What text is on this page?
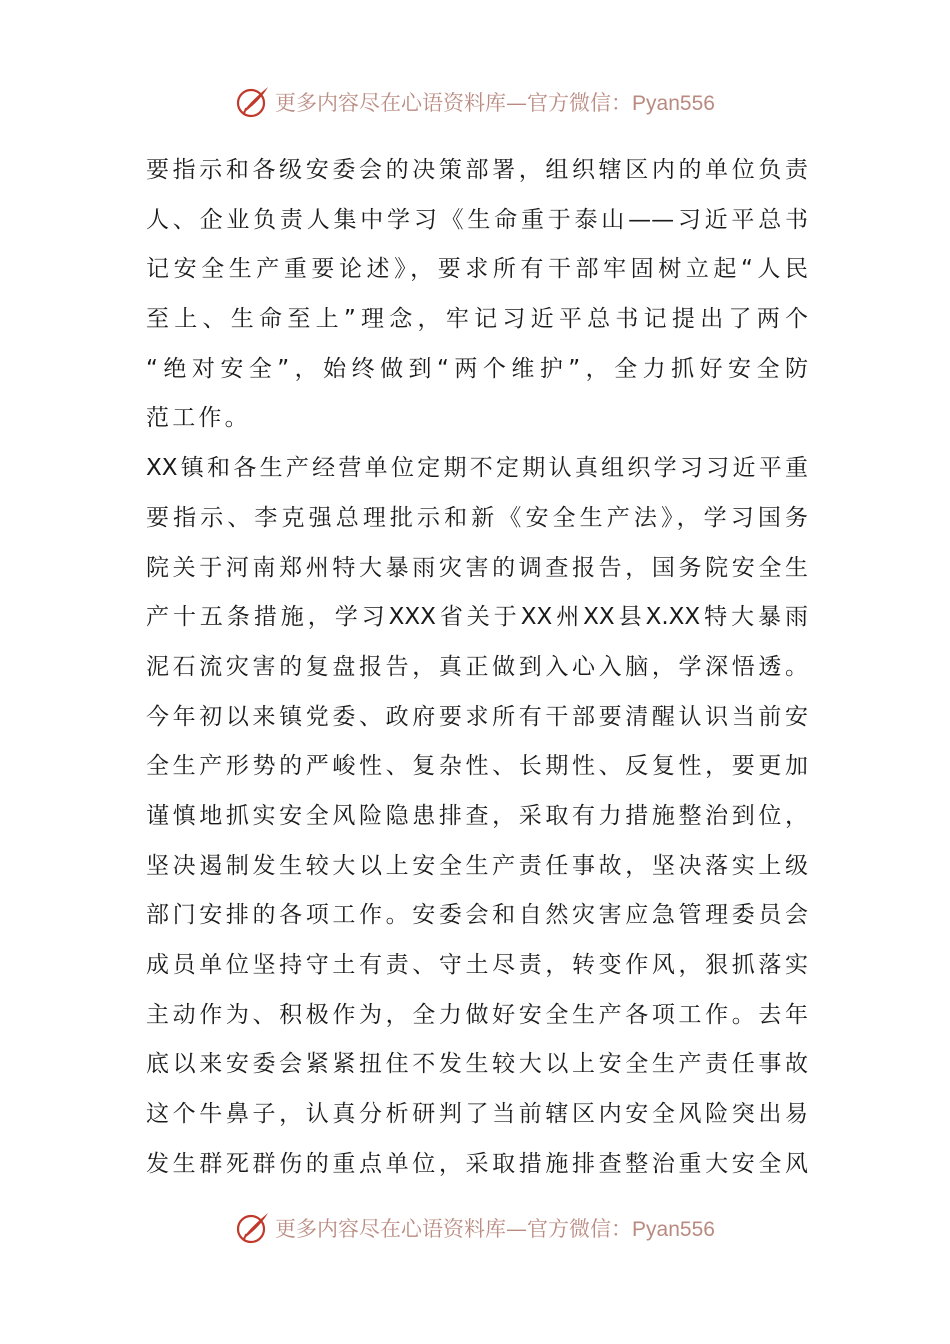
更多内容尽在心语资料库—官方微信：Pyan556
要指示和各级安委会的决策部署，组织辖区内的单位负责
人、企业负责人集中学习《生命重于泰山——习近平总书
记安全生产重要论述》，要求所有干部牢固树立起“人民
至上、生命至上”理念，牢记习近平总书记提出了两个
“绝对安全”，始终做到“两个维护”，全力抓好安全防
范工作。
XX镇和各生产经营单位定期不定期认真组织学习习近平重
要指示、李克强总理批示和新《安全生产法》，学习国务
院关于河南郑州特大暴雨灾害的调查报告，国务院安全生
产十五条措施，学习XXX省关于XX州XX县X.XX特大暴雨
泥石流灾害的复盘报告，真正做到入心入脑，学深悟透。
今年初以来镇党委、政府要求所有干部要清醒认识当前安
全生产形势的严峻性、复杂性、长期性、反复性，要更加
谨慎地抓实安全风险隐患排查，采取有力措施整治到位，
坚决遏制发生较大以上安全生产责任事故，坚决落实上级
部门安排的各项工作。安委会和自然灾害应急管理委员会
成员单位坚持守土有责、守土尽责，转变作风，狠抓落实
主动作为、积极作为，全力做好安全生产各项工作。去年
底以来安委会紧紧扭住不发生较大以上安全生产责任事故
这个牛鼻子，认真分析研判了当前辖区内安全风险突出易
发生群死群伤的重点单位，采取措施排查整治重大安全风
更多内容尽在心语资料库—官方微信：Pyan556
